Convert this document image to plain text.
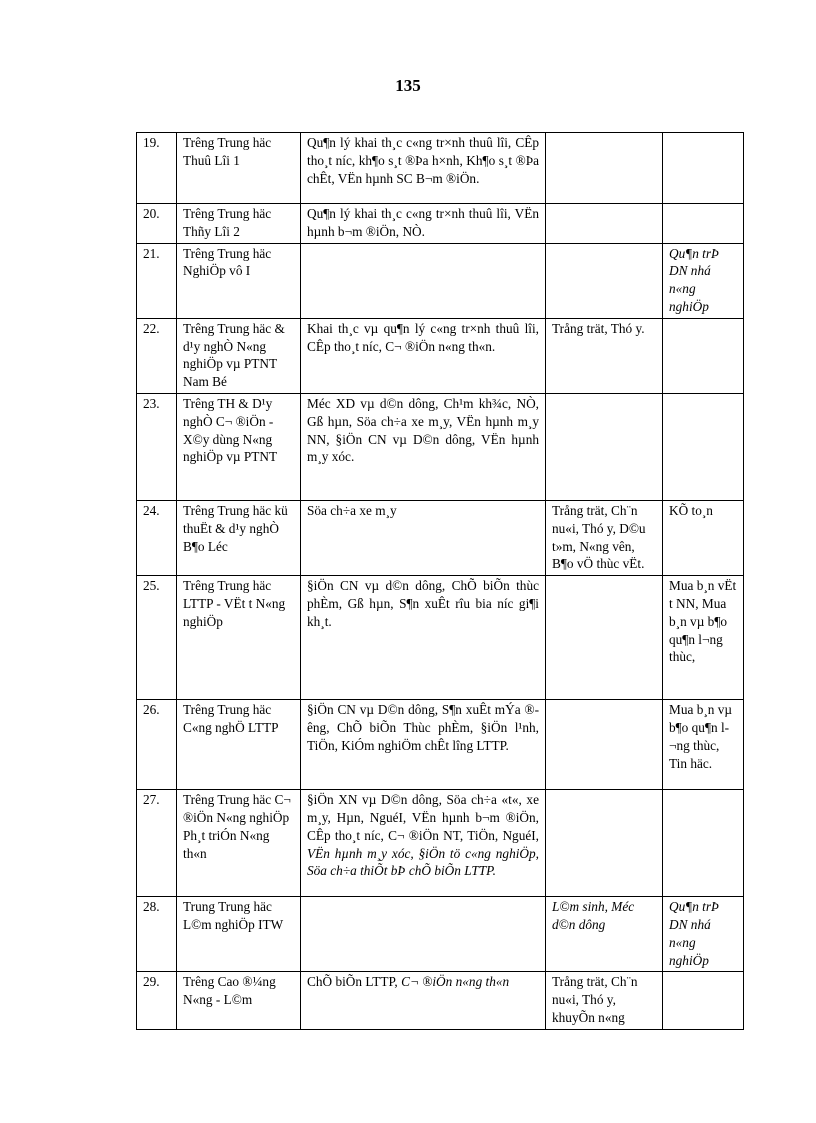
135
19.	Trêng Trung häc Thuû Lîi 1	Qu¶n lý khai th¸c c«ng tr×nh thuû lîi, CÊp tho¸t níc, kh¶o s¸t ®Þa h×nh, Kh¶o s¸t ®Þa chÊt, VËn hµnh SC B¬m ®iÖn.		
20.	Trêng Trung häc Thñy Lîi 2	Qu¶n lý khai th¸c c«ng tr×nh thuû lîi, VËn hµnh b¬m ®iÖn, NÒ.		
21.	Trêng Trung häc NghiÖp vô I			Qu¶n trÞ DN nhá n«ng nghiÖp
22.	Trêng Trung häc & d¹y nghÒ N«ng nghiÖp vµ PTNT Nam Bé	Khai th¸c vµ qu¶n lý c«ng tr×nh thuû lîi, CÊp tho¸t níc, C¬ ®iÖn n«ng th«n.	Trång trät, Thó y.	
23.	Trêng TH & D¹y nghÒ C¬ ®iÖn - X©y dùng N«ng nghiÖp vµ PTNT	Méc XD vµ d©n dông, Ch¹m kh¾c, NÒ, Gß hµn, Söa ch÷a xe m¸y, VËn hµnh m¸y NN, §iÖn CN vµ D©n dông, VËn hµnh m¸y xóc.		
24.	Trêng Trung häc kü thuËt & d¹y nghÒ B¶o Léc	Söa ch÷a xe m¸y	Trång trät, Ch¨n nu«i, Thó y, D©u t»m, N«ng vên, B¶o vÖ thùc vËt.	KÕ to¸n
25.	Trêng Trung häc LTTP - VËt t N«ng nghiÖp	§iÖn CN vµ d©n dông, ChÕ biÕn thùc phÈm, Gß hµn, S¶n xuÊt rîu bia níc gi¶i kh¸t.		Mua b¸n vËt t NN, Mua b¸n vµ b¶o qu¶n l¬ng thùc,
26.	Trêng Trung häc C«ng nghÖ LTTP	§iÖn CN vµ D©n dông, S¶n xuÊt mÝa ®êng, ChÕ biÕn Thùc phÈm, §iÖn l¹nh, TiÖn, KiÓm nghiÖm chÊt lîng LTTP.		Mua b¸n vµ b¶o qu¶n l¬ng thùc, Tin häc.
27.	Trêng Trung häc C¬ ®iÖn N«ng nghiÖp Ph¸t triÓn N«ng th«n	§iÖn XN vµ D©n dông, Söa ch÷a «t«, xe m¸y, Hµn, NguéI, VËn hµnh b¬m ®iÖn, CÊp tho¸t níc, C¬ ®iÖn NT, TiÖn, NguéI, VËn hµnh m¸y xóc, §iÖn tö c«ng nghiÖp, Söa ch÷a thiÕt bÞ chÕ biÕn LTTP.		
28.	Trung Trung häc L©m nghiÖp ITW		L©m sinh, Méc d©n dông	Qu¶n trÞ DN nhá n«ng nghiÖp
29.	Trêng Cao ®¼ng N«ng - L©m	ChÕ biÕn LTTP, C¬ ®iÖn n«ng th«n	Trång trät, Ch¨n nu«i, Thó y, khuyÕn n«ng	
